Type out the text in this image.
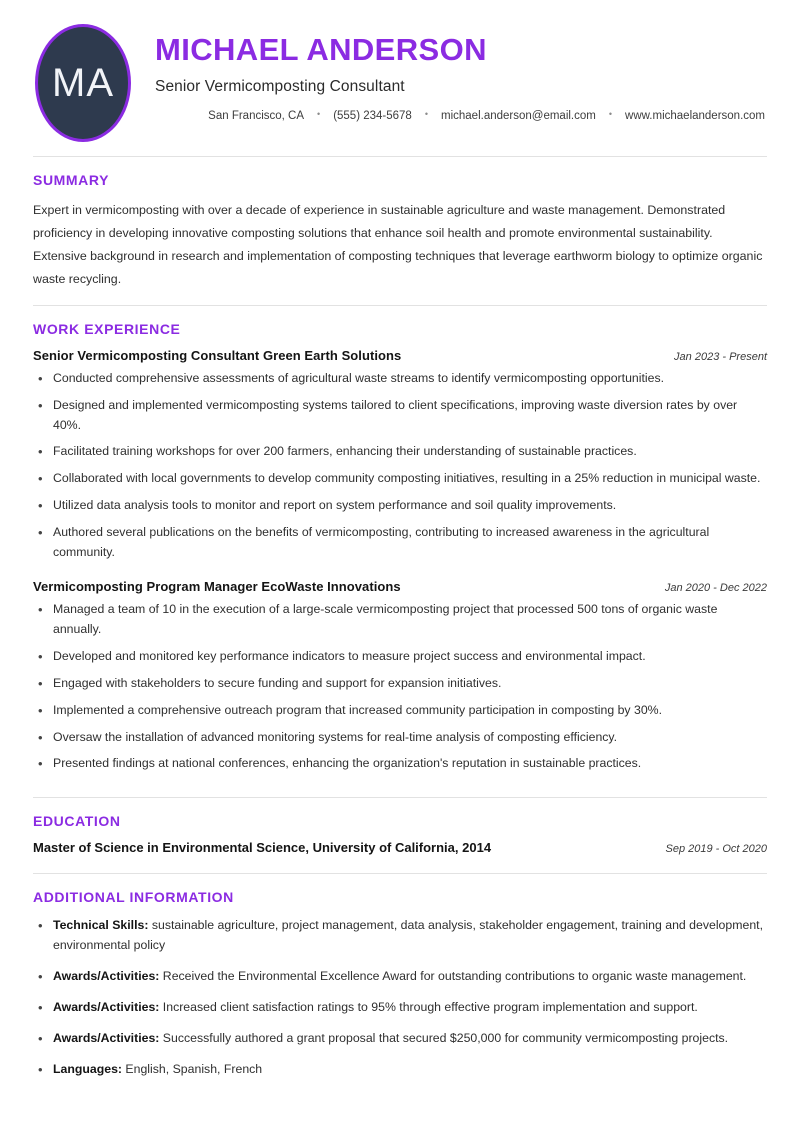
MA
MICHAEL ANDERSON
Senior Vermicomposting Consultant
San Francisco, CA • (555) 234-5678 • michael.anderson@email.com • www.michaelanderson.com
SUMMARY
Expert in vermicomposting with over a decade of experience in sustainable agriculture and waste management. Demonstrated proficiency in developing innovative composting solutions that enhance soil health and promote environmental sustainability. Extensive background in research and implementation of composting techniques that leverage earthworm biology to optimize organic waste recycling.
WORK EXPERIENCE
Senior Vermicomposting Consultant Green Earth Solutions	Jan 2023 - Present
• Conducted comprehensive assessments of agricultural waste streams to identify vermicomposting opportunities.
• Designed and implemented vermicomposting systems tailored to client specifications, improving waste diversion rates by over 40%.
• Facilitated training workshops for over 200 farmers, enhancing their understanding of sustainable practices.
• Collaborated with local governments to develop community composting initiatives, resulting in a 25% reduction in municipal waste.
• Utilized data analysis tools to monitor and report on system performance and soil quality improvements.
• Authored several publications on the benefits of vermicomposting, contributing to increased awareness in the agricultural community.
Vermicomposting Program Manager EcoWaste Innovations	Jan 2020 - Dec 2022
• Managed a team of 10 in the execution of a large-scale vermicomposting project that processed 500 tons of organic waste annually.
• Developed and monitored key performance indicators to measure project success and environmental impact.
• Engaged with stakeholders to secure funding and support for expansion initiatives.
• Implemented a comprehensive outreach program that increased community participation in composting by 30%.
• Oversaw the installation of advanced monitoring systems for real-time analysis of composting efficiency.
• Presented findings at national conferences, enhancing the organization's reputation in sustainable practices.
EDUCATION
Master of Science in Environmental Science, University of California, 2014	Sep 2019 - Oct 2020
ADDITIONAL INFORMATION
• Technical Skills: sustainable agriculture, project management, data analysis, stakeholder engagement, training and development, environmental policy
• Awards/Activities: Received the Environmental Excellence Award for outstanding contributions to organic waste management.
• Awards/Activities: Increased client satisfaction ratings to 95% through effective program implementation and support.
• Awards/Activities: Successfully authored a grant proposal that secured $250,000 for community vermicomposting projects.
• Languages: English, Spanish, French
